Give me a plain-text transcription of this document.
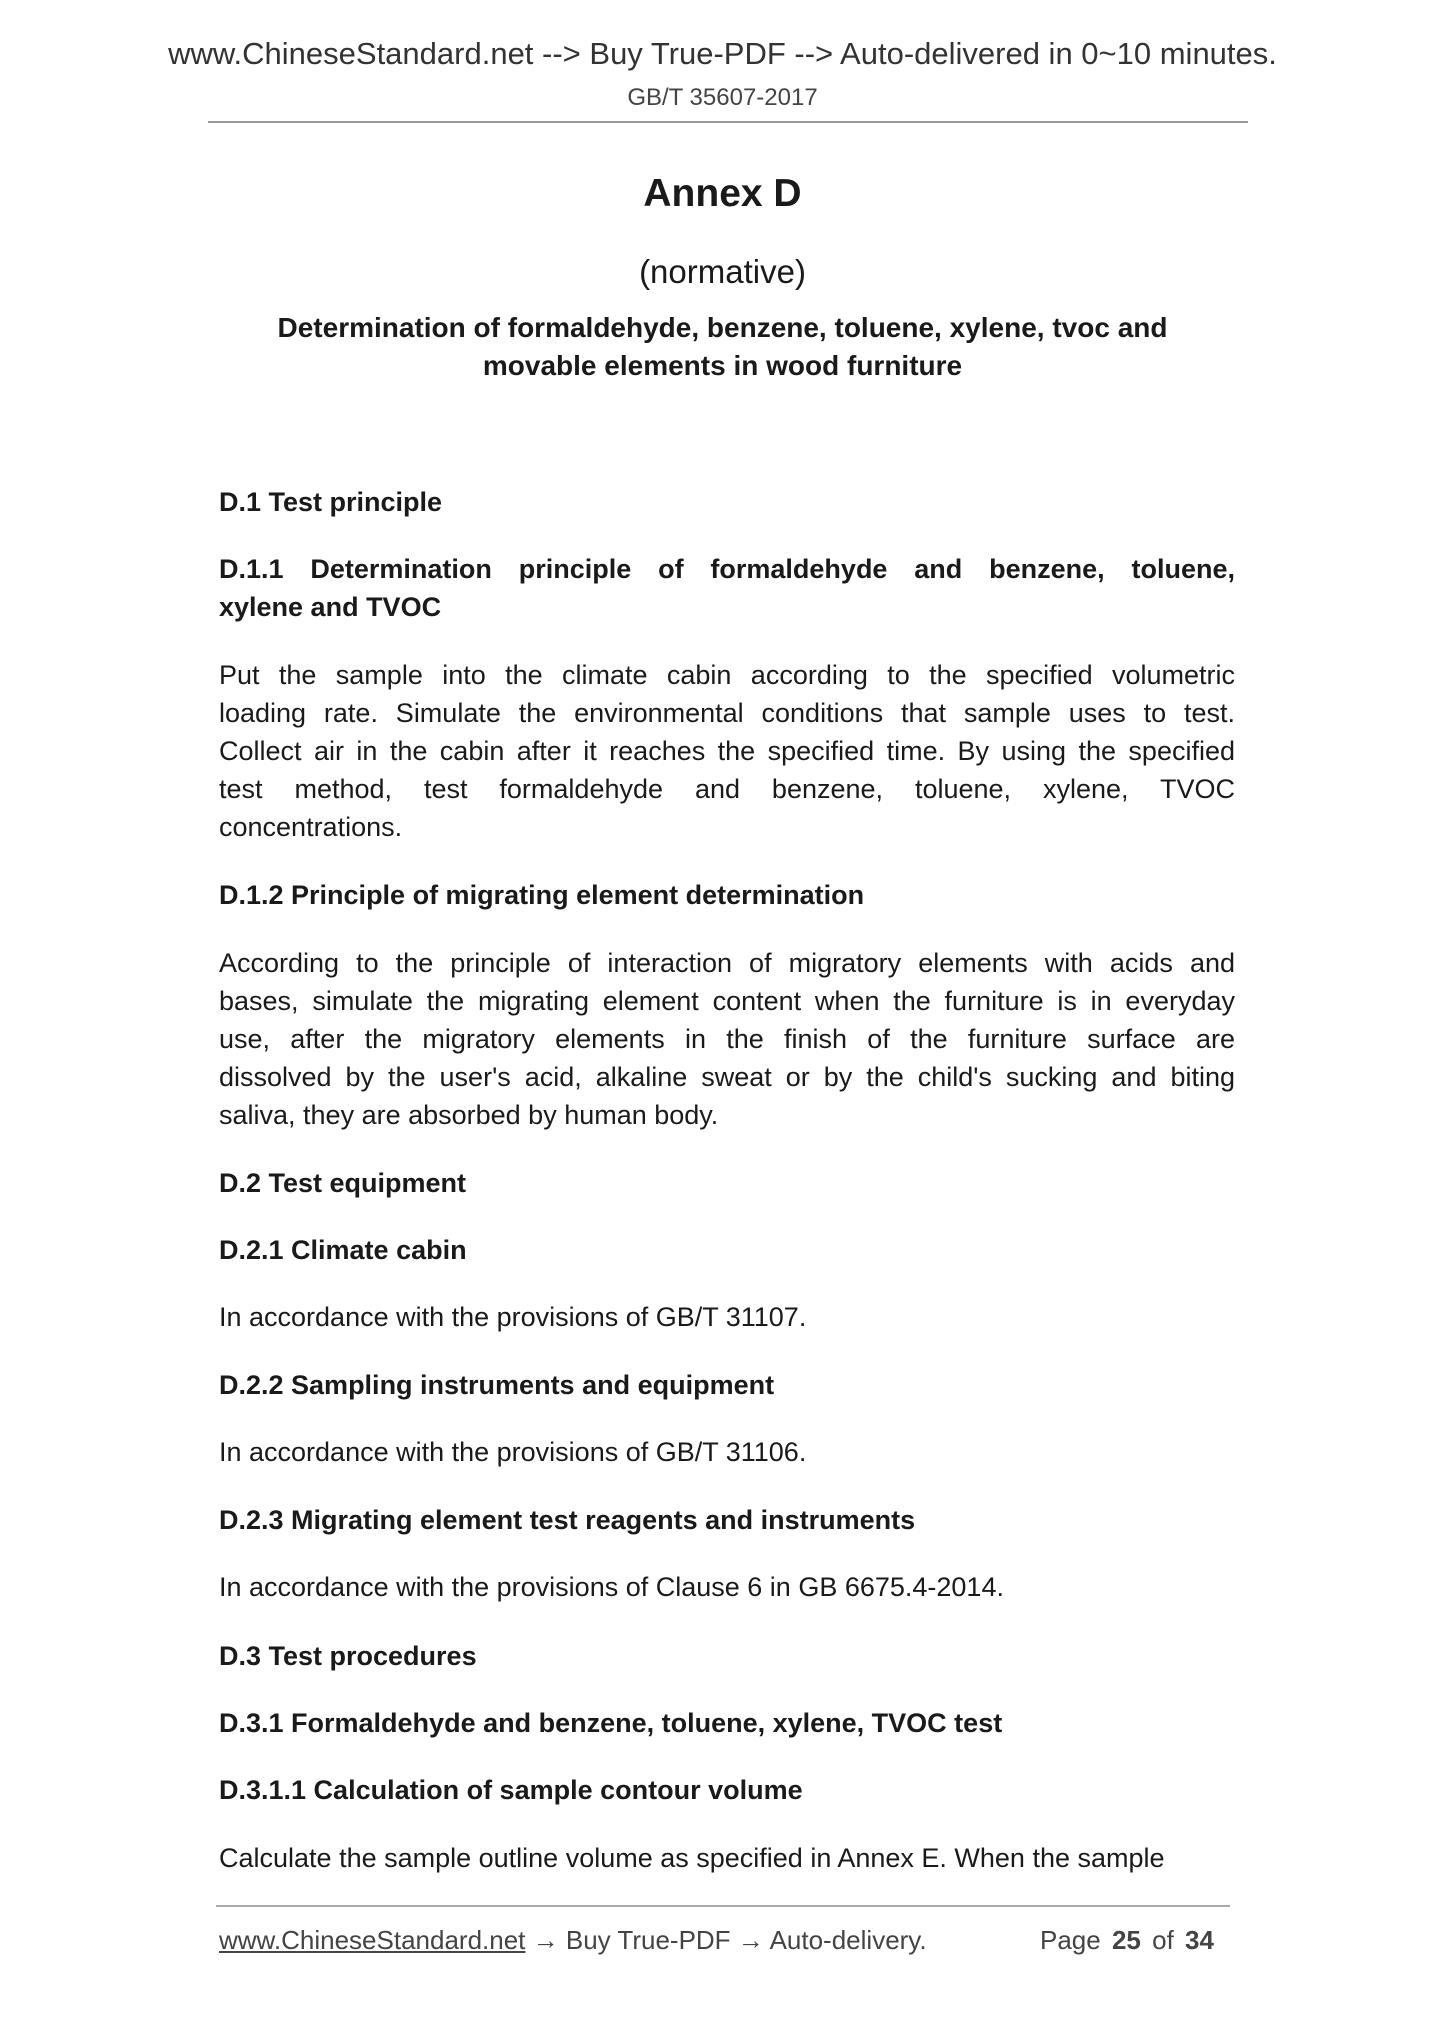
www.ChineseStandard.net --> Buy True-PDF --> Auto-delivered in 0~10 minutes.
GB/T 35607-2017
Annex D
(normative)
Determination of formaldehyde, benzene, toluene, xylene, tvoc and
movable elements in wood furniture
D.1 Test principle
D.1.1 Determination principle of formaldehyde and benzene, toluene,
xylene and TVOC
Put the sample into the climate cabin according to the specified volumetric
loading rate. Simulate the environmental conditions that sample uses to test.
Collect air in the cabin after it reaches the specified time. By using the specified
test method, test formaldehyde and benzene, toluene, xylene, TVOC
concentrations.
D.1.2 Principle of migrating element determination
According to the principle of interaction of migratory elements with acids and
bases, simulate the migrating element content when the furniture is in everyday
use, after the migratory elements in the finish of the furniture surface are
dissolved by the user's acid, alkaline sweat or by the child's sucking and biting
saliva, they are absorbed by human body.
D.2 Test equipment
D.2.1 Climate cabin
In accordance with the provisions of GB/T 31107.
D.2.2 Sampling instruments and equipment
In accordance with the provisions of GB/T 31106.
D.2.3 Migrating element test reagents and instruments
In accordance with the provisions of Clause 6 in GB 6675.4-2014.
D.3 Test procedures
D.3.1 Formaldehyde and benzene, toluene, xylene, TVOC test
D.3.1.1 Calculation of sample contour volume
Calculate the sample outline volume as specified in Annex E. When the sample
www.ChineseStandard.net → Buy True-PDF → Auto-delivery.	Page 25 of 34
